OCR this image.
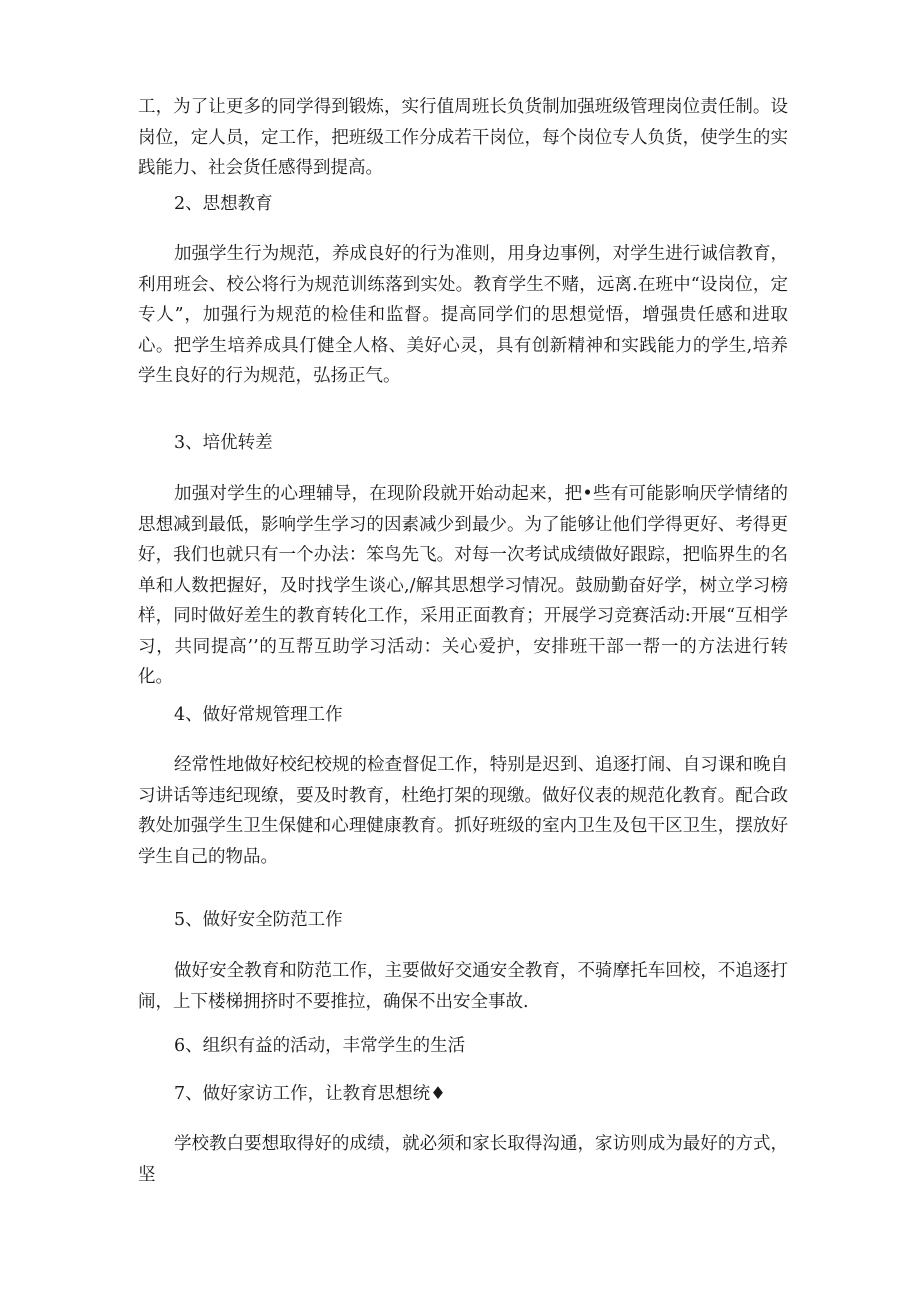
工，为了让更多的同学得到锻炼，实行值周班长负货制加强班级管理岗位责任制。设岗位，定人员，定工作，把班级工作分成若干岗位，每个岗位专人负货，使学生的实践能力、社会货任感得到提高。

2、思想教育

加强学生行为规范，养成良好的行为准则，用身边事例，对学生进行诚信教育，利用班会、校公将行为规范训练落到实处。教育学生不赌，远离.在班中“设岗位，定专人”，加强行为规范的检佳和监督。提高同学们的思想觉悟，增强贵任感和进取心。把学生培养成具仃健全人格、美好心灵，具有创新精神和实践能力的学生,培养学生良好的行为规范，弘扬正气。

3、培优转差

加强对学生的心理辅导，在现阶段就开始动起来，把•些有可能影响厌学情绪的思想减到最低，影响学生学习的因素减少到最少。为了能够让他们学得更好、考得更好，我们也就只有一个办法：笨鸟先飞。对每一次考试成绩做好跟踪，把临界生的名单和人数把握好，及时找学生谈心,/解其思想学习情况。鼓励勤奋好学，树立学习榜样，同时做好差生的教育转化工作，采用正面教育；开展学习竞赛活动:开展“互相学习，共同提高’’的互帮互助学习活动：关心爱护，安排班干部一帮一的方法进行转化。

4、做好常规管理工作

经常性地做好校纪校规的检查督促工作，特别是迟到、追逐打闹、自习课和晚自习讲话等违纪现缭，要及时教育，杜绝打架的现缴。做好仪表的规范化教育。配合政教处加强学生卫生保健和心理健康教育。抓好班级的室内卫生及包干区卫生，摆放好学生自己的物品。

5、做好安全防范工作

做好安全教育和防范工作，主要做好交通安全教育，不骑摩托车回校，不追逐打闹，上下楼梯拥挤时不要推拉，确保不出安全事故.

6、组织有益的活动，丰常学生的生活

7、做好家访工作，让教育思想统♦

学校教白要想取得好的成绩，就必须和家长取得沟通，家访则成为最好的方式，坚
